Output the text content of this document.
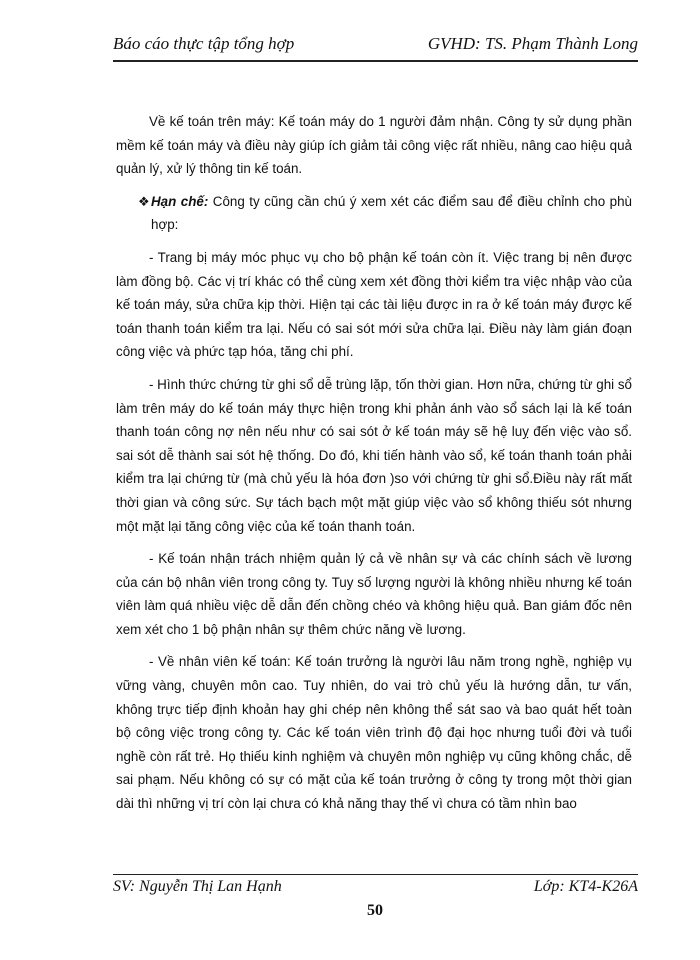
Báo cáo thực tập tổng hợp	GVHD: TS. Phạm Thành Long

Về kế toán trên máy: Kế toán máy do 1 người đảm nhận. Công ty sử dụng phần mềm kế toán máy và điều này giúp ích giảm tải công việc rất nhiều, nâng cao hiệu quả quản lý, xử lý thông tin kế toán.

❖ Hạn chế: Công ty cũng cần chú ý xem xét các điểm sau để điều chỉnh cho phù hợp:

- Trang bị máy móc phục vụ cho bộ phận kế toán còn ít. Việc trang bị nên được làm đồng bộ. Các vị trí khác có thể cùng xem xét đồng thời kiểm tra việc nhập vào của kế toán máy, sửa chữa kịp thời. Hiện tại các tài liệu được in ra ở kế toán máy được kế toán thanh toán kiểm tra lại. Nếu có sai sót mới sửa chữa lại. Điều này làm gián đoạn công việc và phức tạp hóa, tăng chi phí.

- Hình thức chứng từ ghi sổ dễ trùng lặp, tốn thời gian. Hơn nữa, chứng từ ghi sổ làm trên máy do kế toán máy thực hiện trong khi phản ánh vào sổ sách lại là kế toán thanh toán công nợ nên nếu như có sai sót ở kế toán máy sẽ hệ luỵ đến việc vào sổ. sai sót dễ thành sai sót hệ thống. Do đó, khi tiến hành vào sổ, kế toán thanh toán phải kiểm tra lại chứng từ (mà chủ yếu là hóa đơn )so với chứng từ ghi sổ.Điều này rất mất thời gian và công sức. Sự tách bạch một mặt giúp việc vào sổ không thiếu sót nhưng một mặt lại tăng công việc của kế toán thanh toán.

- Kế toán nhận trách nhiệm quản lý cả về nhân sự và các chính sách về lương của cán bộ nhân viên trong công ty. Tuy số lượng người là không nhiều nhưng kế toán viên làm quá nhiều việc dễ dẫn đến chồng chéo và không hiệu quả. Ban giám đốc nên xem xét cho 1 bộ phận nhân sự thêm chức năng về lương.

- Về nhân viên kế toán: Kế toán trưởng là người lâu năm trong nghề, nghiệp vụ vững vàng, chuyên môn cao. Tuy nhiên, do vai trò chủ yếu là hướng dẫn, tư vấn, không trực tiếp định khoản hay ghi chép nên không thể sát sao và bao quát hết toàn bộ công việc trong công ty. Các kế toán viên trình độ đại học nhưng tuổi đời và tuổi nghề còn rất trẻ. Họ thiếu kinh nghiệm và chuyên môn nghiệp vụ cũng không chắc, dễ sai phạm. Nếu không có sự có mặt của kế toán trưởng ở công ty trong một thời gian dài thì những vị trí còn lại chưa có khả năng thay thế vì chưa có tầm nhìn bao

SV: Nguyễn Thị Lan Hạnh	Lớp: KT4-K26A
50
